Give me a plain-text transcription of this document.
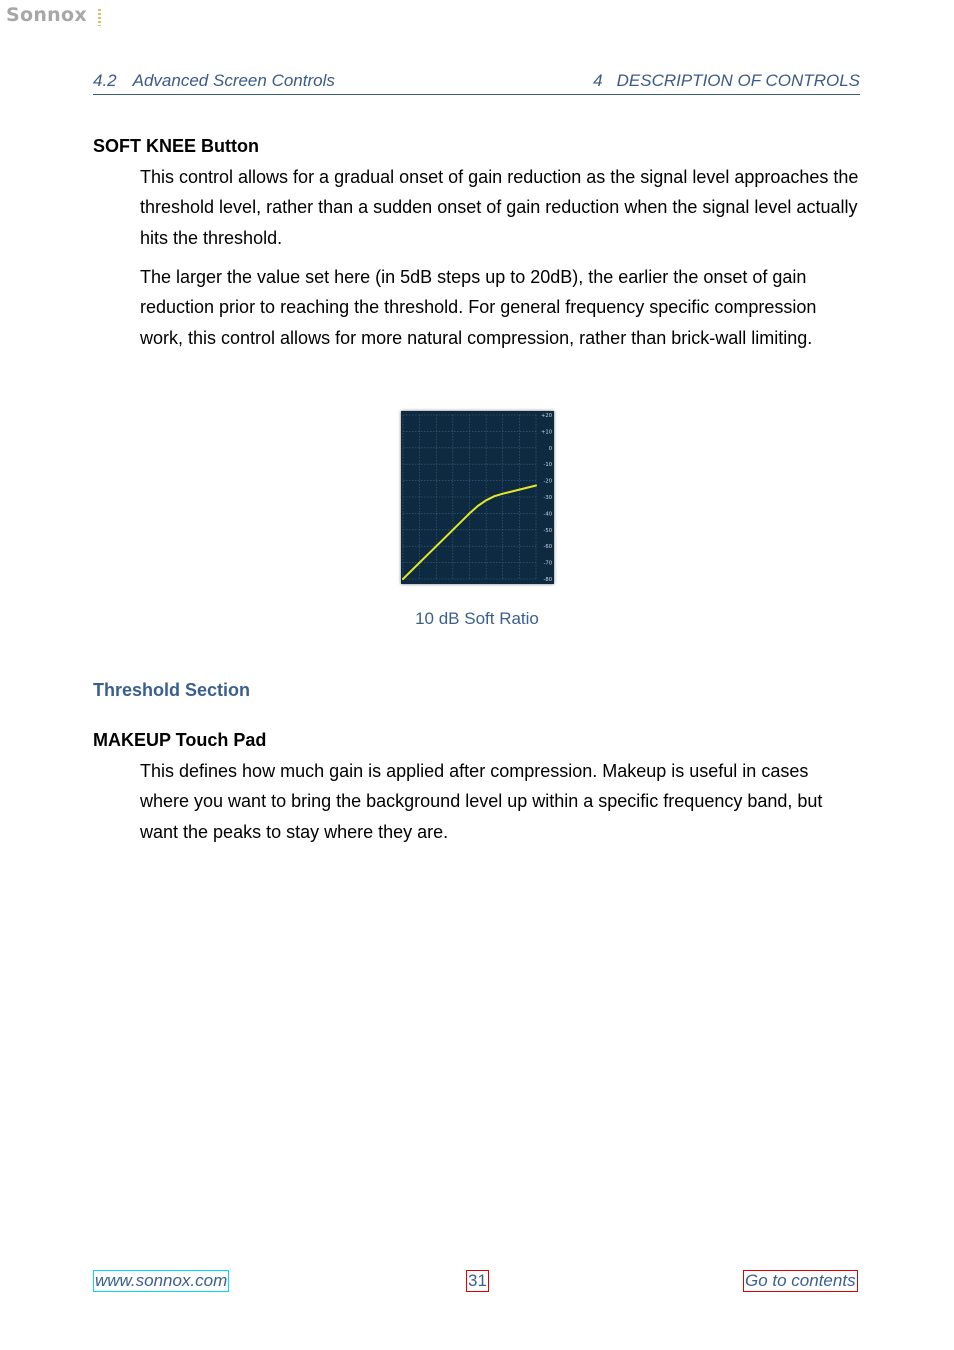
Sonnox
4.2 Advanced Screen Controls	4 DESCRIPTION OF CONTROLS
SOFT KNEE Button

This control allows for a gradual onset of gain reduction as the signal level approaches the threshold level, rather than a sudden onset of gain reduction when the signal level actually hits the threshold.

The larger the value set here (in 5dB steps up to 20dB), the earlier the onset of gain reduction prior to reaching the threshold. For general frequency specific compression work, this control allows for more natural compression, rather than brick-wall limiting.

+20
+10
0
-10
-20
-30
-40
-50
-60
-70
-80
10 dB Soft Ratio
Threshold Section
MAKEUP Touch Pad

This defines how much gain is applied after compression. Makeup is useful in cases where you want to bring the background level up within a specific frequency band, but want the peaks to stay where they are.

www.sonnox.com	31	Go to contents
